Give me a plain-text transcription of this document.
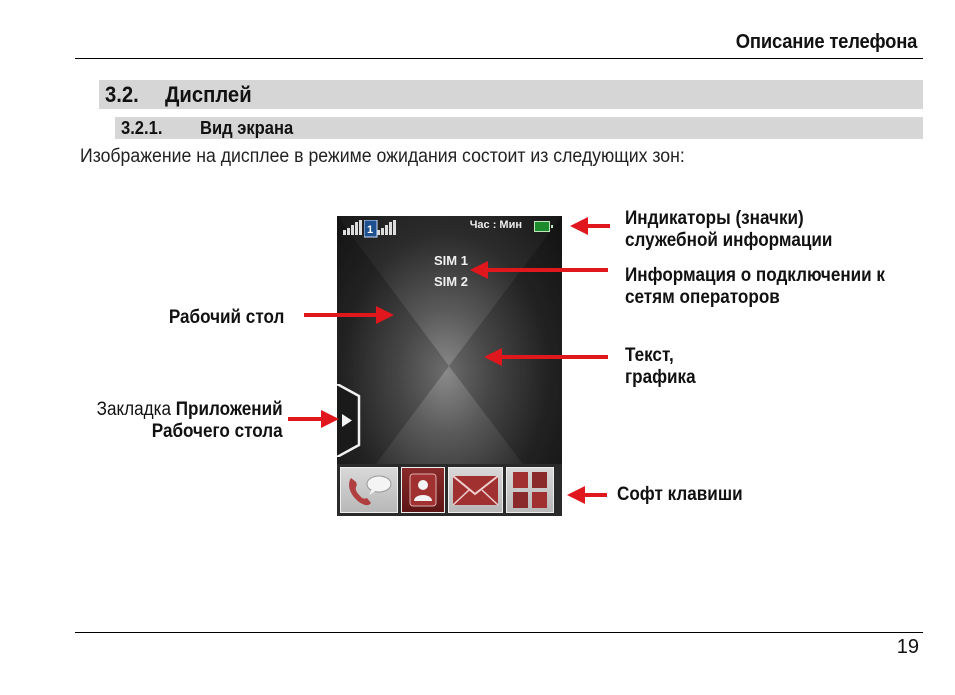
Описание телефона
3.2. Дисплей
3.2.1. Вид экрана
Изображение на дисплее в режиме ожидания состоит из следующих зон:
1	Час : Мин
SIM 1
SIM 2
Индикаторы (значки)
служебной информации
Информация о подключении к
сетям операторов
Рабочий стол
Текст,
графика
Закладка Приложений
Рабочего стола
Софт клавиши
19
